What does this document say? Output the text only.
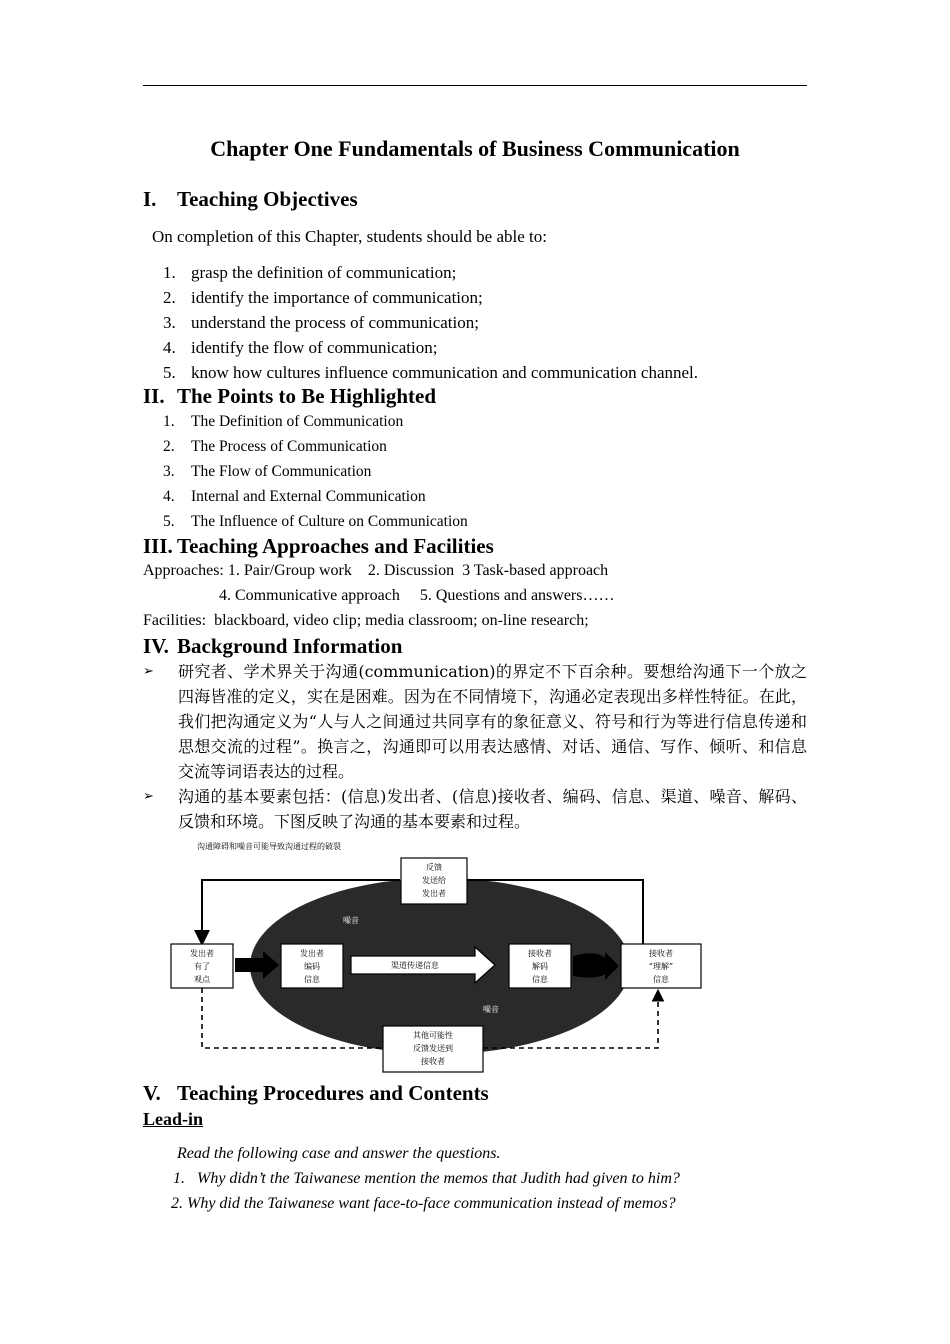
Chapter One Fundamentals of Business Communication
I. Teaching Objectives
On completion of this Chapter, students should be able to:
1. grasp the definition of communication;
2. identify the importance of communication;
3. understand the process of communication;
4. identify the flow of communication;
5. know how cultures influence communication and communication channel.
II. The Points to Be Highlighted
1. The Definition of Communication
2. The Process of Communication
3. The Flow of Communication
4. Internal and External Communication
5. The Influence of Culture on Communication
III. Teaching Approaches and Facilities
Approaches: 1. Pair/Group work    2. Discussion  3 Task-based approach
4. Communicative approach     5. Questions and answers……
Facilities:  blackboard, video clip; media classroom; on-line research;
IV. Background Information
➢ 研究者、学术界关于沟通(communication)的界定不下百余种。要想给沟通下一个放之四海皆准的定义，实在是困难。因为在不同情境下，沟通必定表现出多样性特征。在此，我们把沟通定义为“人与人之间通过共同享有的象征意义、符号和行为等进行信息传递和思想交流的过程”。换言之，沟通即可以用表达感情、对话、通信、写作、倾听、和信息交流等词语表达的过程。
➢ 沟通的基本要素包括：(信息)发出者、(信息)接收者、编码、信息、渠道、噪音、解码、反馈和环境。下图反映了沟通的基本要素和过程。
沟通障碍和噪音可能导致沟通过程的破裂
噪音
噪音
反馈
发送给
发出者
发出者
有了
观点
发出者
编码
信息
渠道传递信息
接收者
解码
信息
接收者
“理解”
信息
其他可能性
反馈发送到
接收者
V. Teaching Procedures and Contents
Lead-in
Read the following case and answer the questions.
1. Why didn’t the Taiwanese mention the memos that Judith had given to him?
2. Why did the Taiwanese want face-to-face communication instead of memos?
